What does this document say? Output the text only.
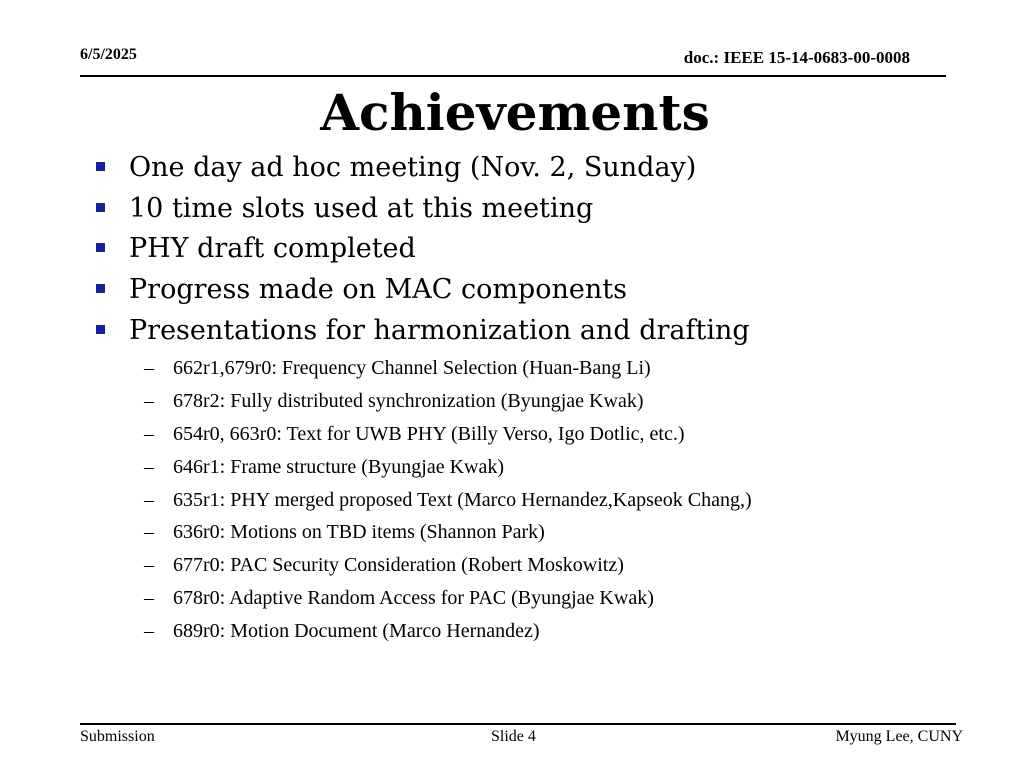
6/5/2025	doc.: IEEE 15-14-0683-00-0008
Achievements
One day ad hoc meeting (Nov. 2, Sunday)
10 time slots used at this meeting
PHY draft completed
Progress made on MAC components
Presentations for harmonization and drafting
– 662r1,679r0: Frequency Channel Selection (Huan-Bang Li)
– 678r2: Fully distributed synchronization (Byungjae Kwak)
– 654r0, 663r0: Text for UWB PHY (Billy Verso, Igo Dotlic, etc.)
– 646r1: Frame structure (Byungjae Kwak)
– 635r1: PHY merged proposed Text (Marco Hernandez,Kapseok Chang,)
– 636r0: Motions on TBD items (Shannon Park)
– 677r0: PAC Security Consideration (Robert Moskowitz)
– 678r0: Adaptive Random Access for PAC (Byungjae Kwak)
– 689r0: Motion Document (Marco Hernandez)
Submission	Slide 4	Myung Lee, CUNY
